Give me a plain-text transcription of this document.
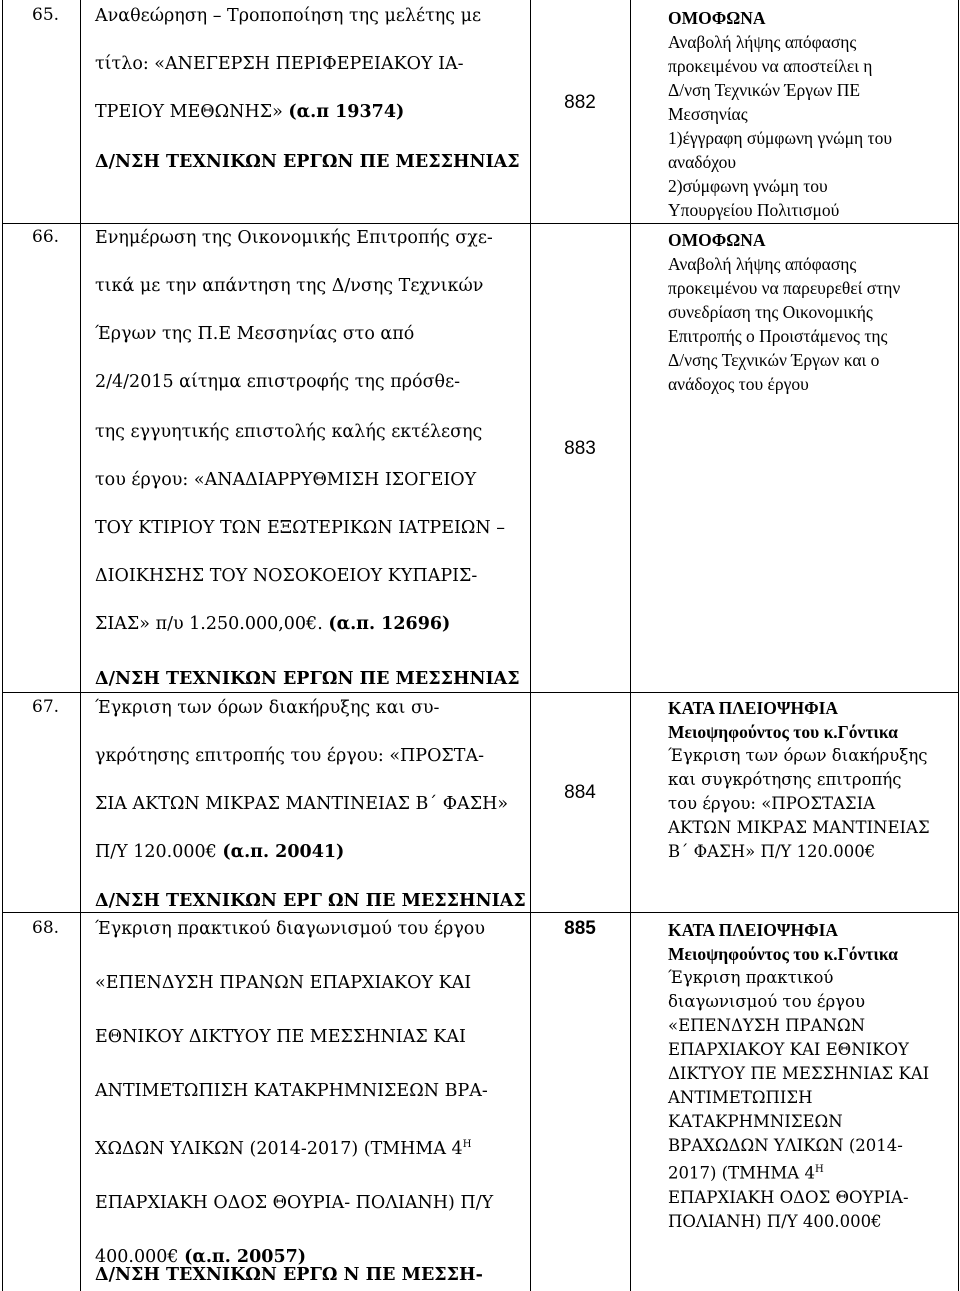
65. Αναθεώρηση – Τροποποίηση της μελέτης με
τίτλο: «ΑΝΕΓΕΡΣΗ ΠΕΡΙΦΕΡΕΙΑΚΟΥ ΙΑ-
ΤΡΕΙΟΥ ΜΕΘΩΝΗΣ» (α.π 19374)
Δ/ΝΣΗ ΤΕΧΝΙΚΩΝ ΕΡΓΩΝ ΠΕ ΜΕΣΣΗΝΙΑΣ
882
ΟΜΟΦΩΝΑ
Αναβολή λήψης απόφασης
προκειμένου να αποστείλει η
Δ/νση Τεχνικών Έργων ΠΕ
Μεσσηνίας
1)έγγραφη σύμφωνη γνώμη του
αναδόχου
2)σύμφωνη γνώμη του
Υπουργείου Πολιτισμού
66. Ενημέρωση της Οικονομικής Επιτροπής σχε-
τικά με την απάντηση της Δ/νσης Τεχνικών
Έργων της Π.Ε Μεσσηνίας στο από
2/4/2015 αίτημα επιστροφής της πρόσθε-
της εγγυητικής επιστολής καλής εκτέλεσης
του έργου: «ΑΝΑΔΙΑΡΡΥΘΜΙΣΗ ΙΣΟΓΕΙΟΥ
ΤΟΥ ΚΤΙΡΙΟΥ ΤΩΝ ΕΞΩΤΕΡΙΚΩΝ ΙΑΤΡΕΙΩΝ –
ΔΙΟΙΚΗΣΗΣ ΤΟΥ ΝΟΣΟΚΟΕΙΟΥ ΚΥΠΑΡΙΣ-
ΣΙΑΣ» π/υ 1.250.000,00€. (α.π. 12696)
Δ/ΝΣΗ ΤΕΧΝΙΚΩΝ ΕΡΓΩΝ ΠΕ ΜΕΣΣΗΝΙΑΣ
883
ΟΜΟΦΩΝΑ
Αναβολή λήψης απόφασης
προκειμένου να παρευρεθεί στην
συνεδρίαση της Οικονομικής
Επιτροπής ο Προιστάμενος της
Δ/νσης Τεχνικών Έργων και ο
ανάδοχος του έργου
67. Έγκριση των όρων διακήρυξης και συ-
γκρότησης επιτροπής του έργου: «ΠΡΟΣΤΑ-
ΣΙΑ ΑΚΤΩΝ ΜΙΚΡΑΣ ΜΑΝΤΙΝΕΙΑΣ Β΄ ΦΑΣΗ»
Π/Υ 120.000€ (α.π. 20041)
Δ/ΝΣΗ ΤΕΧΝΙΚΩΝ ΕΡΓ ΩΝ ΠΕ ΜΕΣΣΗΝΙΑΣ
884
ΚΑΤΑ ΠΛΕΙΟΨΗΦΙΑ
Μειοψηφούντος του κ.Γόντικα
Έγκριση των όρων διακήρυξης
και συγκρότησης επιτροπής
του έργου: «ΠΡΟΣΤΑΣΙΑ
ΑΚΤΩΝ ΜΙΚΡΑΣ ΜΑΝΤΙΝΕΙΑΣ
Β΄ ΦΑΣΗ» Π/Υ 120.000€
68. Έγκριση πρακτικού διαγωνισμού του έργου
«ΕΠΕΝΔΥΣΗ ΠΡΑΝΩΝ ΕΠΑΡΧΙΑΚΟΥ ΚΑΙ
ΕΘΝΙΚΟΥ ΔΙΚΤΥΟΥ ΠΕ ΜΕΣΣΗΝΙΑΣ ΚΑΙ
ΑΝΤΙΜΕΤΩΠΙΣΗ ΚΑΤΑΚΡΗΜΝΙΣΕΩΝ ΒΡΑ-
ΧΩΔΩΝ ΥΛΙΚΩΝ (2014-2017) (ΤΜΗΜΑ $4^H$
ΕΠΑΡΧΙΑΚΗ ΟΔΟΣ ΘΟΥΡΙΑ- ΠΟΛΙΑΝΗ) Π/Υ
400.000€ (α.π. 20057)
Δ/ΝΣΗ ΤΕΧΝΙΚΩΝ ΕΡΓΩ Ν ΠΕ ΜΕΣΣΗ-
885	ΚΑΤΑ ΠΛΕΙΟΨΗΦΙΑ
Μειοψηφούντος του κ.Γόντικα
Έγκριση πρακτικού
διαγωνισμού του έργου
«ΕΠΕΝΔΥΣΗ ΠΡΑΝΩΝ
ΕΠΑΡΧΙΑΚΟΥ ΚΑΙ ΕΘΝΙΚΟΥ
ΔΙΚΤΥΟΥ ΠΕ ΜΕΣΣΗΝΙΑΣ ΚΑΙ
ΑΝΤΙΜΕΤΩΠΙΣΗ
ΚΑΤΑΚΡΗΜΝΙΣΕΩΝ
ΒΡΑΧΩΔΩΝ ΥΛΙΚΩΝ (2014-
2017) (ΤΜΗΜΑ $4^H$
ΕΠΑΡΧΙΑΚΗ ΟΔΟΣ ΘΟΥΡΙΑ-
ΠΟΛΙΑΝΗ) Π/Υ 400.000€
